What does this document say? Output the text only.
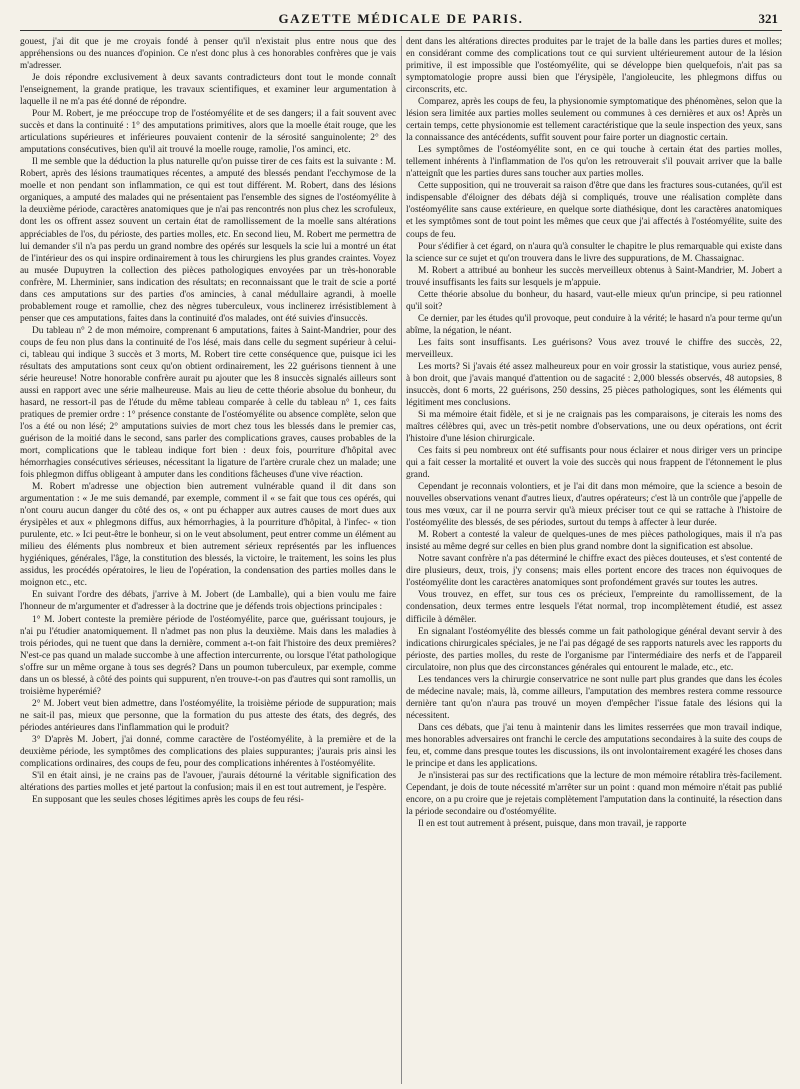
GAZETTE MÉDICALE DE PARIS.	321

gouest, j'ai dit que je me croyais fondé à penser qu'il n'existait plus entre nous que des appréhensions ou des nuances d'opinion. Ce n'est donc plus à ces honorables confrères que je vais m'adresser.

Je dois répondre exclusivement à deux savants contradicteurs dont tout le monde connaît l'enseignement, la grande pratique, les travaux scientifiques, et examiner leur argumentation à laquelle il ne m'a pas été donné de répondre.

Pour M. Robert, je me préoccupe trop de l'ostéomyélite et de ses dangers; il a fait souvent avec succès et dans la continuité : 1° des amputations primitives, alors que la moelle était rouge, que les articulations supérieures et inférieures pouvaient contenir de la sérosité sanguinolente; 2° des amputations consécutives, bien qu'il ait trouvé la moelle rouge, ramolie, l'os aminci, etc.

Il me semble que la déduction la plus naturelle qu'on puisse tirer de ces faits est la suivante : M. Robert, après des lésions traumatiques récentes, a amputé des blessés pendant l'ecchymose de la moelle et non pendant son inflammation, ce qui est tout différent. M. Robert, dans des lésions organiques, a amputé des malades qui ne présentaient pas l'ensemble des signes de l'ostéomyélite à la deuxième période, caractères anatomiques que je n'ai pas rencontrés non plus chez les scrofuleux, dont les os offrent assez souvent un certain état de ramollissement de la moelle sans altérations appréciables de l'os, du périoste, des parties molles, etc. En second lieu, M. Robert me permettra de lui demander s'il n'a pas perdu un grand nombre des opérés sur lesquels la scie lui a montré un état de l'intérieur des os qui inspire ordinairement à tous les chirurgiens les plus grandes craintes. Voyez au musée Dupuytren la collection des pièces pathologiques envoyées par un très-honorable confrère, M. Lherminier, sans indication des résultats; en reconnaissant que le trait de scie a porté dans ces amputations sur des parties d'os amincies, à canal médullaire agrandi, à moelle probablement rouge et ramollie, chez des nègres tuberculeux, vous inclinerez irrésistiblement à penser que ces amputations, faites dans la continuité d'os malades, ont été suivies d'insuccès.

Du tableau n° 2 de mon mémoire, comprenant 6 amputations, faites à Saint-Mandrier, pour des coups de feu non plus dans la continuité de l'os lésé, mais dans celle du segment supérieur à celui-ci, tableau qui indique 3 succès et 3 morts, M. Robert tire cette conséquence que, puisque ici les résultats des amputations sont ceux qu'on obtient ordinairement, les 22 guérisons tiennent à une série heureuse! Notre honorable confrère aurait pu ajouter que les 8 insuccès signalés ailleurs sont aussi en rapport avec une série malheureuse. Mais au lieu de cette théorie absolue du bonheur, du hasard, ne ressort-il pas de l'étude du même tableau comparée à celle du tableau n° 1, ces faits pratiques de premier ordre : 1° présence constante de l'ostéomyélite ou absence complète, selon que l'os a été ou non lésé; 2° amputations suivies de mort chez tous les blessés dans le premier cas, guérison de la moitié dans le second, sans parler des complications graves, causes probables de la mort, complications que le tableau indique fort bien : deux fois, pourriture d'hôpital avec hémorrhagies consécutives sérieuses, nécessitant la ligature de l'artère crurale chez un malade; une fois phlegmon diffus obligeant à amputer dans les conditions fâcheuses d'une vive réaction.

M. Robert m'adresse une objection bien autrement vulnérable quand il dit dans son argumentation : « Je me suis demandé, par exemple, comment il « se fait que tous ces opérés, qui n'ont couru aucun danger du côté des os, « ont pu échapper aux autres causes de mort dues aux érysipèles et aux « phlegmons diffus, aux hémorrhagies, à la pourriture d'hôpital, à l'infec- « tion purulente, etc. » Ici peut-être le bonheur, si on le veut absolument, peut entrer comme un élément au milieu des éléments plus nombreux et bien autrement sérieux représentés par les influences hygiéniques, générales, l'âge, la constitution des blessés, la victoire, le traitement, les soins les plus assidus, les procédés opératoires, le lieu de l'opération, la condensation des parties molles dans le moignon etc., etc.

En suivant l'ordre des débats, j'arrive à M. Jobert (de Lamballe), qui a bien voulu me faire l'honneur de m'argumenter et d'adresser à la doctrine que je défends trois objections principales :

1° M. Jobert conteste la première période de l'ostéomyélite, parce que, guérissant toujours, je n'ai pu l'étudier anatomiquement. Il n'admet pas non plus la deuxième. Mais dans les maladies à trois périodes, qui ne tuent que dans la dernière, comment a-t-on fait l'histoire des deux premières? N'est-ce pas quand un malade succombe à une affection intercurrente, ou lorsque l'état pathologique s'offre sur un même organe à tous ses degrés? Dans un poumon tuberculeux, par exemple, comme dans un os blessé, à côté des points qui suppurent, n'en trouve-t-on pas d'autres qui sont ramollis, un troisième hyperémié?

2° M. Jobert veut bien admettre, dans l'ostéomyélite, la troisième période de suppuration; mais ne sait-il pas, mieux que personne, que la formation du pus atteste des états, des degrés, des périodes antérieures dans l'inflammation qui le produit?

3° D'après M. Jobert, j'ai donné, comme caractère de l'ostéomyélite, à la première et de la deuxième période, les symptômes des complications des plaies suppurantes; j'aurais pris ainsi les complications ordinaires, des coups de feu, pour des complications inhérentes à l'ostéomyélite.

S'il en était ainsi, je ne crains pas de l'avouer, j'aurais détourné la véritable signification des altérations des parties molles et jeté partout la confusion; mais il en est tout autrement, je l'espère.

En supposant que les seules choses légitimes après les coups de feu rési-

dent dans les altérations directes produites par le trajet de la balle dans les parties dures et molles; en considérant comme des complications tout ce qui survient ultérieurement autour de la lésion primitive, il est impossible que l'ostéomyélite, qui se développe bien quelquefois, n'ait pas sa symptomatologie propre aussi bien que l'érysipèle, l'angioleucite, les phlegmons diffus ou circonscrits, etc.

Comparez, après les coups de feu, la physionomie symptomatique des phénomènes, selon que la lésion sera limitée aux parties molles seulement ou communes à ces dernières et aux os! Après un certain temps, cette physionomie est tellement caractéristique que la seule inspection des yeux, sans la connaissance des antécédents, suffit souvent pour faire porter un diagnostic certain.

Les symptômes de l'ostéomyélite sont, en ce qui touche à certain état des parties molles, tellement inhérents à l'inflammation de l'os qu'on les retrouverait s'il pouvait arriver que la balle n'atteignît que les parties dures sans toucher aux parties molles.

Cette supposition, qui ne trouverait sa raison d'être que dans les fractures sous-cutanées, qu'il est indispensable d'éloigner des débats déjà si compliqués, trouve une réalisation complète dans l'ostéomyélite sans cause extérieure, en quelque sorte diathésique, dont les caractères anatomiques et les symptômes sont de tout point les mêmes que ceux que j'ai affectés à l'ostéomyélite, suite des coups de feu.

Pour s'édifier à cet égard, on n'aura qu'à consulter le chapitre le plus remarquable qui existe dans la science sur ce sujet et qu'on trouvera dans le livre des suppurations, de M. Chassaignac.

M. Robert a attribué au bonheur les succès merveilleux obtenus à Saint-Mandrier, M. Jobert a trouvé insuffisants les faits sur lesquels je m'appuie.

Cette théorie absolue du bonheur, du hasard, vaut-elle mieux qu'un principe, si peu rationnel qu'il soit?

Ce dernier, par les études qu'il provoque, peut conduire à la vérité; le hasard n'a pour terme qu'un abîme, la négation, le néant.

Les faits sont insuffisants. Les guérisons? Vous avez trouvé le chiffre des succès, 22, merveilleux.

Les morts? Si j'avais été assez malheureux pour en voir grossir la statistique, vous auriez pensé, à bon droit, que j'avais manqué d'attention ou de sagacité : 2,000 blessés observés, 48 autopsies, 8 insuccès, dont 6 morts, 22 guérisons, 250 dessins, 25 pièces pathologiques, sont les éléments qui légitiment mes conclusions.

Si ma mémoire était fidèle, et si je ne craignais pas les comparaisons, je citerais les noms des maîtres célèbres qui, avec un très-petit nombre d'observations, une ou deux opérations, ont écrit l'histoire d'une lésion chirurgicale.

Ces faits si peu nombreux ont été suffisants pour nous éclairer et nous diriger vers un principe qui a fait cesser la mortalité et ouvert la voie des succès qui nous frappent de l'étonnement le plus grand.

Cependant je reconnais volontiers, et je l'ai dit dans mon mémoire, que la science a besoin de nouvelles observations venant d'autres lieux, d'autres opérateurs; c'est là un contrôle que j'appelle de tous mes vœux, car il ne pourra servir qu'à mieux préciser tout ce qui se rattache à l'histoire de l'ostéomyélite des blessés, de ses périodes, surtout du temps à affecter à leur durée.

M. Robert a contesté la valeur de quelques-unes de mes pièces pathologiques, mais il n'a pas insisté au même degré sur celles en bien plus grand nombre dont la signification est absolue.

Notre savant confrère n'a pas déterminé le chiffre exact des pièces douteuses, et s'est contenté de dire plusieurs, deux, trois, j'y consens; mais elles portent encore des traces non équivoques de l'ostéomyélite dont les caractères anatomiques sont profondément gravés sur toutes les autres.

Vous trouvez, en effet, sur tous ces os précieux, l'empreinte du ramollissement, de la condensation, deux termes entre lesquels l'état normal, trop incomplètement étudié, est assez difficile à démêler.

En signalant l'ostéomyélite des blessés comme un fait pathologique général devant servir à des indications chirurgicales spéciales, je ne l'ai pas dégagé de ses rapports naturels avec les rapports du périoste, des parties molles, du reste de l'organisme par l'intermédiaire des nerfs et de l'appareil circulatoire, non plus que des circonstances générales qui entourent le malade, etc., etc.

Les tendances vers la chirurgie conservatrice ne sont nulle part plus grandes que dans les écoles de médecine navale; mais, là, comme ailleurs, l'amputation des membres restera comme ressource dernière tant qu'on n'aura pas trouvé un moyen d'empêcher l'issue fatale des lésions qui la nécessitent.

Dans ces débats, que j'ai tenu à maintenir dans les limites resserrées que mon travail indique, mes honorables adversaires ont franchi le cercle des amputations secondaires à la suite des coups de feu, et, comme dans presque toutes les discussions, ils ont involontairement exagéré les choses dans le principe et dans les applications.

Je n'insisterai pas sur des rectifications que la lecture de mon mémoire rétablira très-facilement. Cependant, je dois de toute nécessité m'arrêter sur un point : quand mon mémoire n'était pas publié encore, on a pu croire que je rejetais complètement l'amputation dans la continuité, la résection dans la période secondaire ou d'ostéomyélite.

Il en est tout autrement à présent, puisque, dans mon travail, je rapporte
